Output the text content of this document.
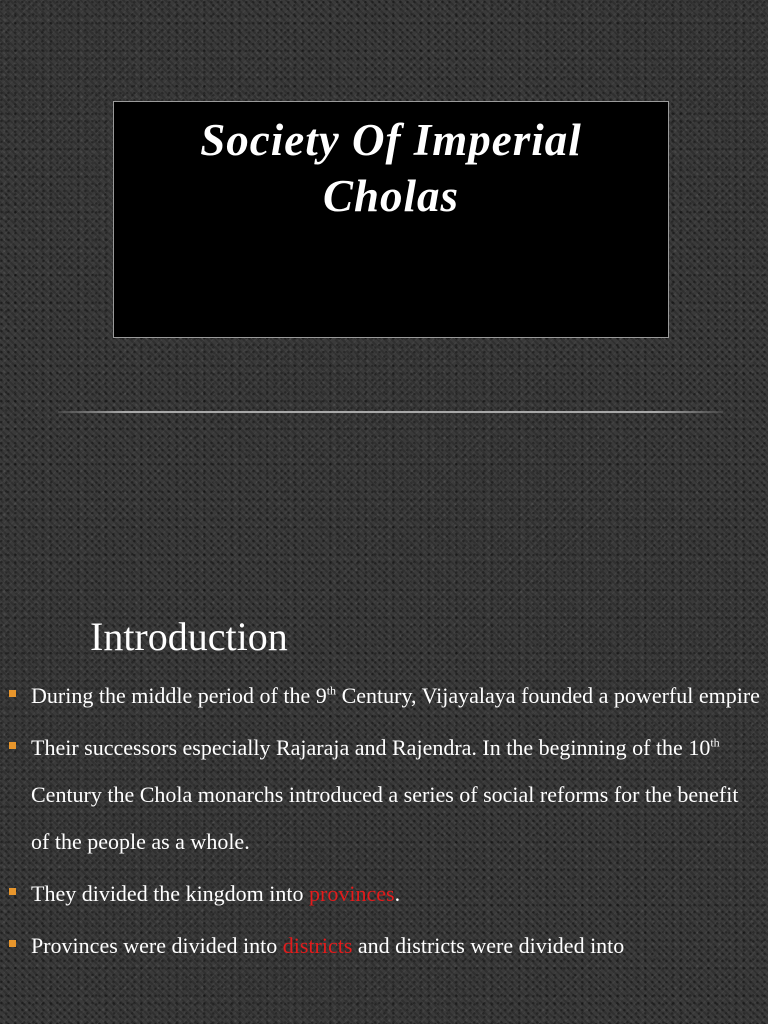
Society Of Imperial
Cholas
Introduction
During the middle period of the 9th Century, Vijayalaya founded a powerful empire
Their successors especially Rajaraja and Rajendra. In the beginning of the 10th Century the Chola monarchs introduced a series of social reforms for the benefit of the people as a whole.
They divided the kingdom into provinces.
Provinces were divided into districts and districts were divided into
